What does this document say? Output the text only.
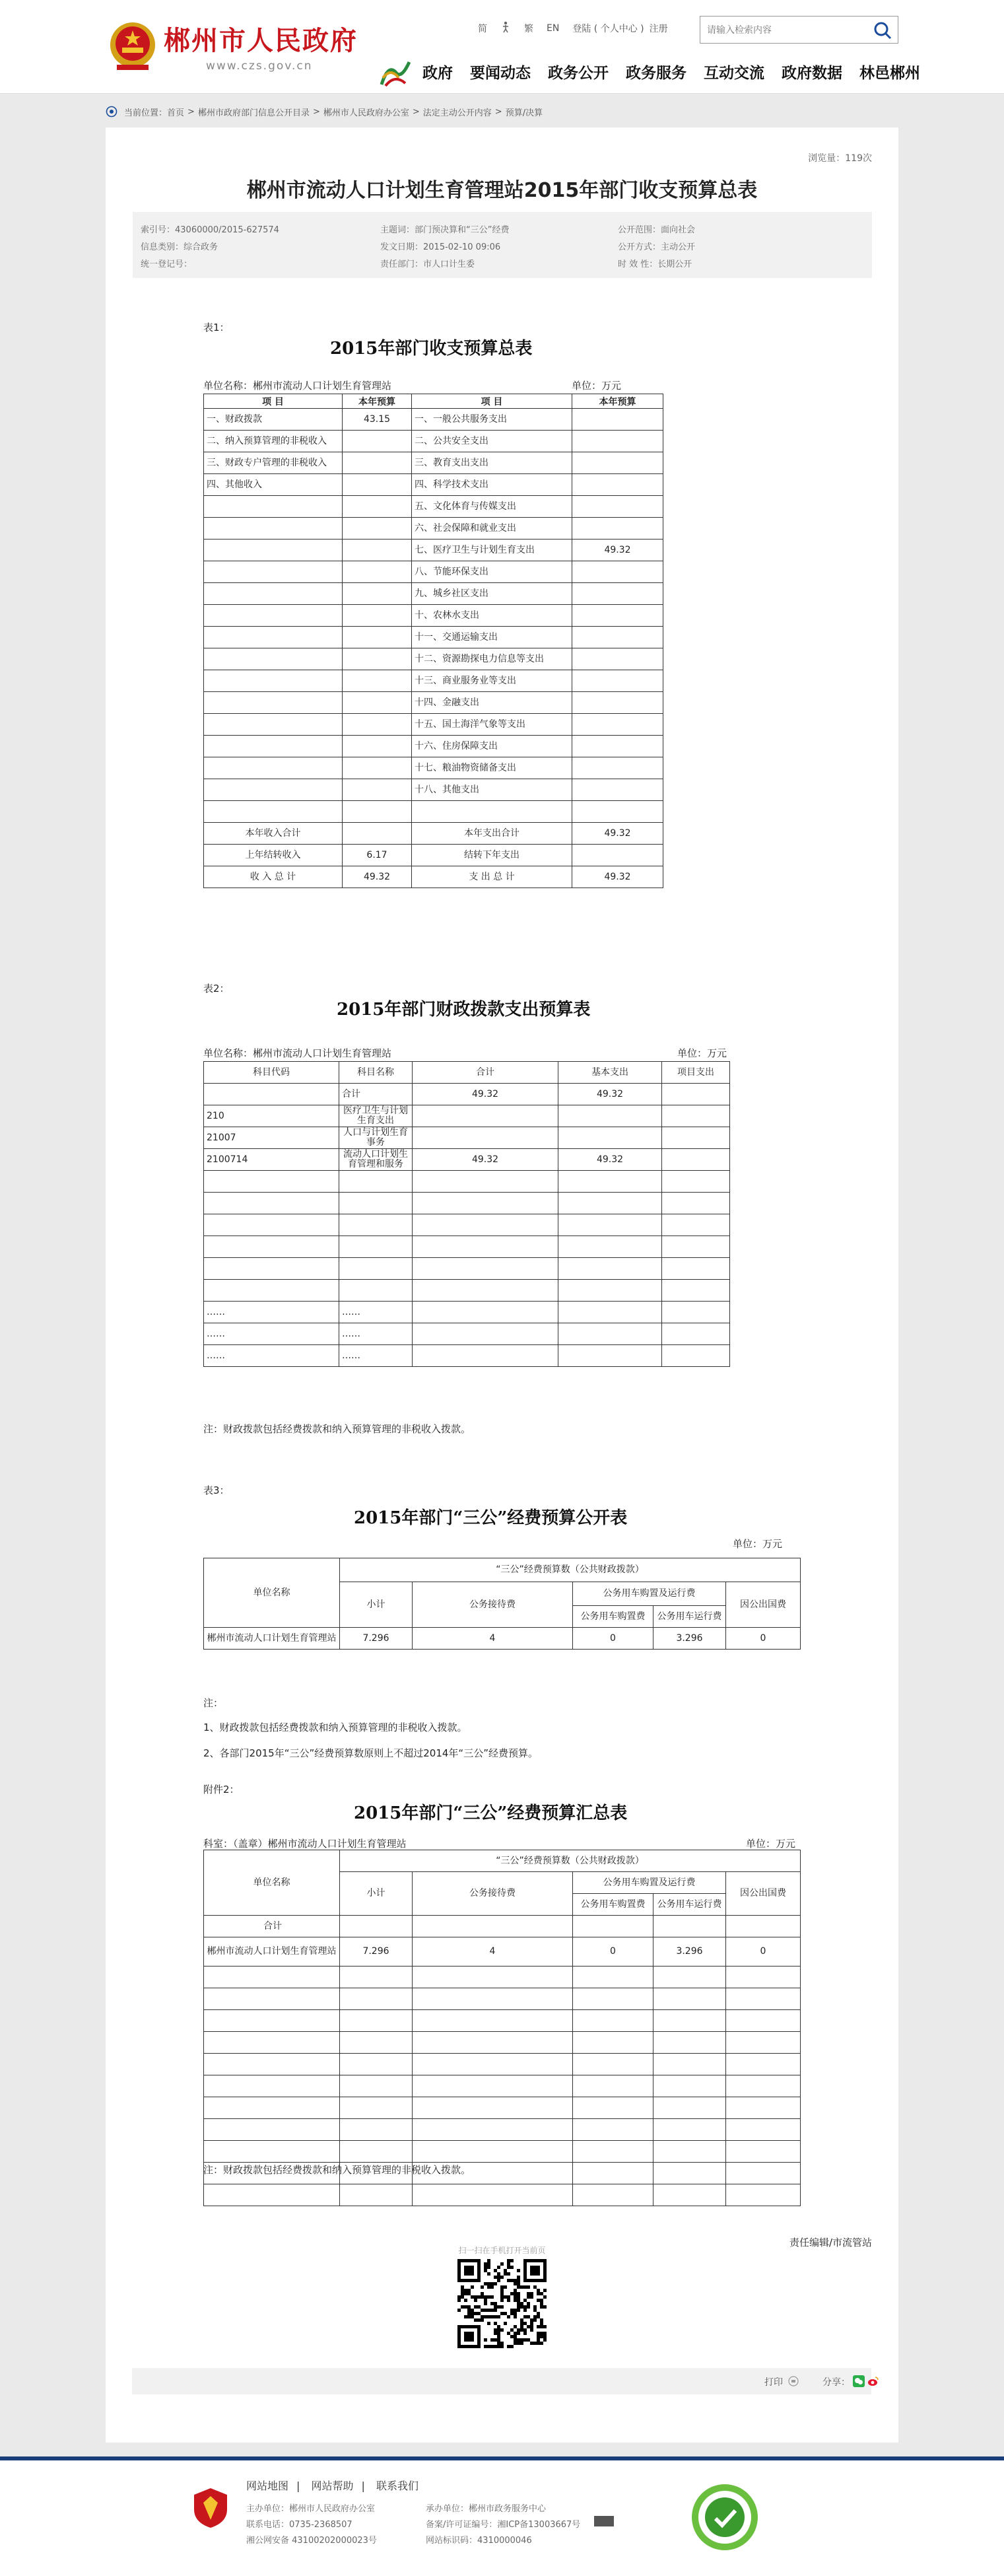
郴州市人民政府
www.czs.gov.cn
简	繁 EN 登陆 ( 个人中心 ) 注册
请输入检索内容
政府 要闻动态 政务公开 政务服务 互动交流 政府数据 林邑郴州
当前位置： 首页 > 郴州市政府部门信息公开目录 > 郴州市人民政府办公室 > 法定主动公开内容 > 预算/决算
浏览量：119次
郴州市流动人口计划生育管理站2015年部门收支预算总表
索引号：43060000/2015-627574
信息类别：综合政务
统一登记号：
主题词：部门预决算和“三公”经费
发文日期：2015-02-10 09:06
责任部门：市人口计生委
公开范围：面向社会
公开方式：主动公开
时 效 性：长期公开
表1：
2015年部门收支预算总表
单位名称：郴州市流动人口计划生育管理站	单位：万元
项 目	本年预算	项 目	本年预算
一、财政拨款	43.15	一、一般公共服务支出	
二、纳入预算管理的非税收入		二、公共安全支出	
三、财政专户管理的非税收入		三、教育支出支出	
四、其他收入		四、科学技术支出	
		五、文化体育与传媒支出	
		六、社会保障和就业支出	
		七、医疗卫生与计划生育支出	49.32
		八、节能环保支出	
		九、城乡社区支出	
		十、农林水支出	
		十一、交通运输支出	
		十二、资源勘探电力信息等支出	
		十三、商业服务业等支出	
		十四、金融支出	
		十五、国土海洋气象等支出	
		十六、住房保障支出	
		十七、粮油物资储备支出	
		十八、其他支出	

本年收入合计		本年支出合计	49.32
上年结转收入	6.17	结转下年支出	
收 入 总 计	49.32	支 出 总 计	49.32
表2：
2015年部门财政拨款支出预算表
单位名称：郴州市流动人口计划生育管理站	单位：万元
科目代码	科目名称	合计	基本支出	项目支出
	合计	49.32	49.32	
210	医疗卫生与计划生育支出			
21007	人口与计划生育事务			
2100714	流动人口计划生育管理和服务	49.32	49.32	

……	……			
……	……			
……	……			
注：财政拨款包括经费拨款和纳入预算管理的非税收入拨款。
表3：
2015年部门“三公”经费预算公开表
单位：万元
单位名称	“三公”经费预算数（公共财政拨款）				
	小计	公务接待费	公务用车购置及运行费		因公出国费
			公务用车购置费	公务用车运行费	
郴州市流动人口计划生育管理站	7.296	4	0	3.296	0
注：
1、财政拨款包括经费拨款和纳入预算管理的非税收入拨款。
2、各部门2015年“三公”经费预算数原则上不超过2014年“三公”经费预算。
附件2：
2015年部门“三公”经费预算汇总表
科室：（盖章）郴州市流动人口计划生育管理站	单位：万元
单位名称	“三公”经费预算数（公共财政拨款）				
	小计	公务接待费	公务用车购置及运行费		因公出国费
			公务用车购置费	公务用车运行费	
合计					
郴州市流动人口计划生育管理站	7.296	4	0	3.296	0

注：财政拨款包括经费拨款和纳入预算管理的非税收入拨款。
责任编辑/市流管站
扫一扫在手机打开当前页
打印	分享：
网站地图 | 网站帮助 | 联系我们
主办单位：郴州市人民政府办公室
联系电话：0735-2368507
湘公网安备 43100202000023号
承办单位：郴州市政务服务中心
备案/许可证编号：湘ICP备13003667号
网站标识码：4310000046
